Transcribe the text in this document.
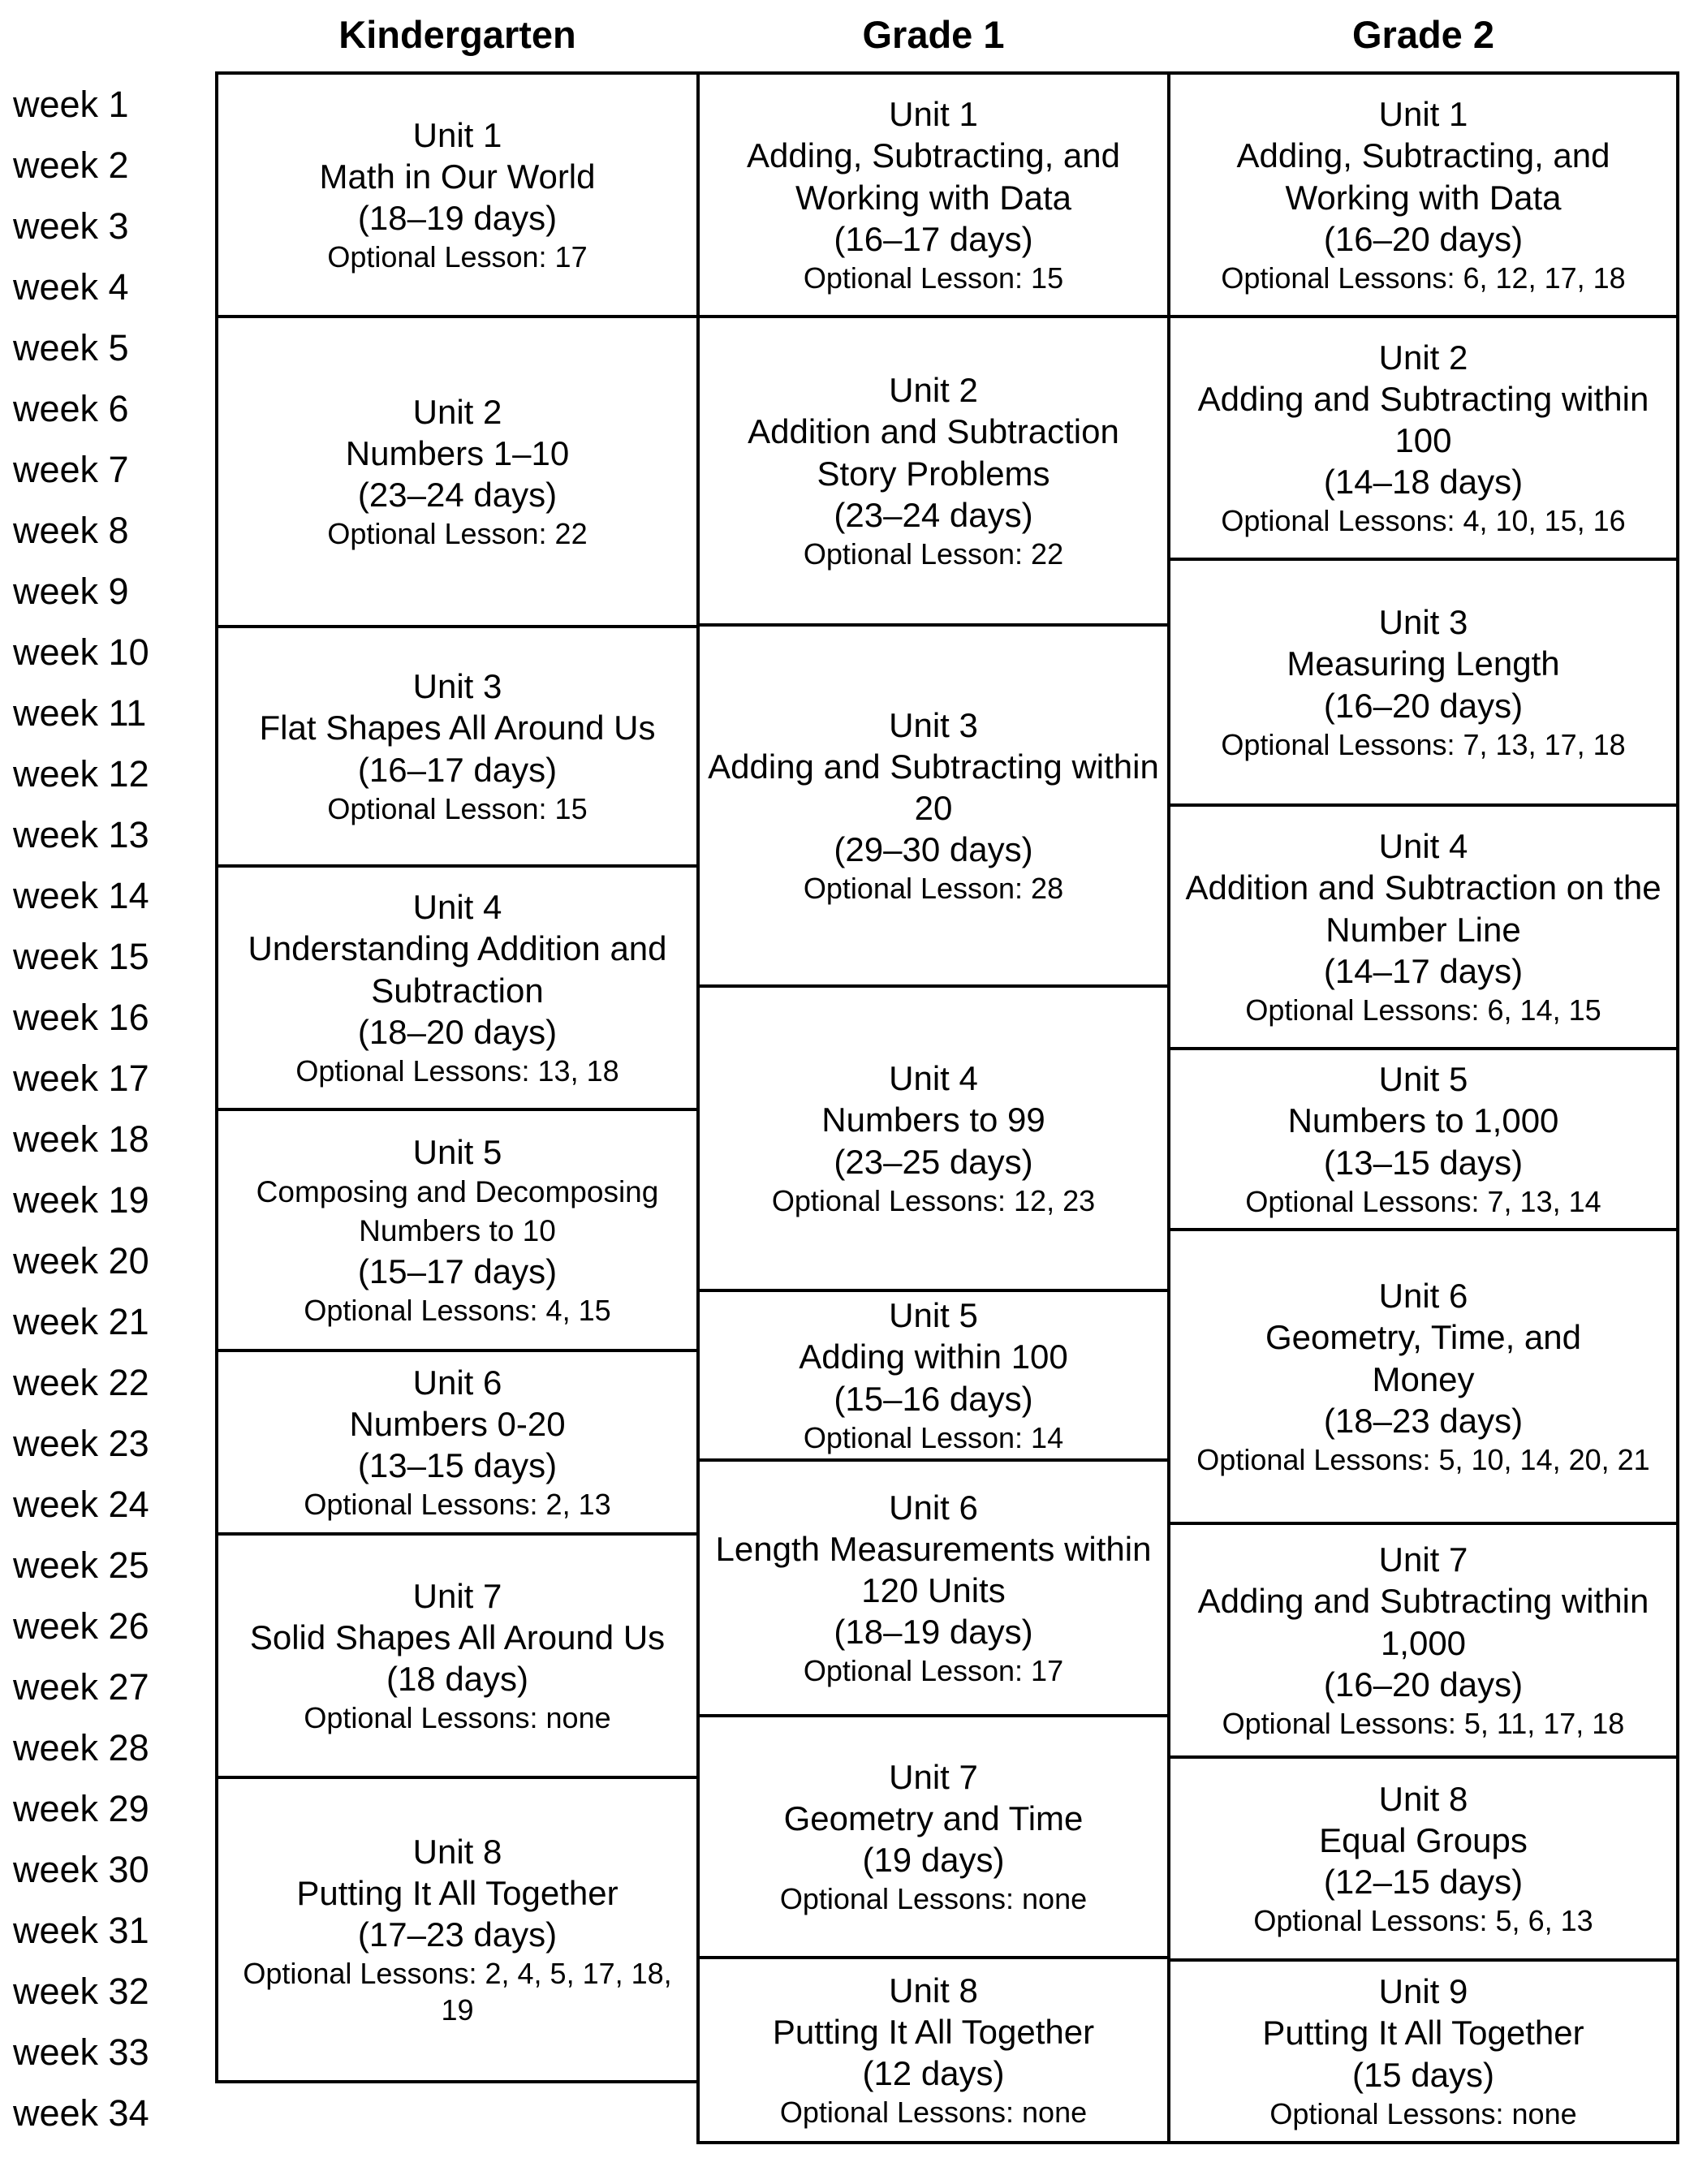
Kindergarten	Grade 1	Grade 2
week 1
week 2
week 3
week 4
week 5
week 6
week 7
week 8
week 9
week 10
week 11
week 12
week 13
week 14
week 15
week 16
week 17
week 18
week 19
week 20
week 21
week 22
week 23
week 24
week 25
week 26
week 27
week 28
week 29
week 30
week 31
week 32
week 33
week 34
Unit 1
Math in Our World
(18–19 days)
Optional Lesson: 17
Unit 2
Numbers 1–10
(23–24 days)
Optional Lesson: 22
Unit 3
Flat Shapes All Around Us
(16–17 days)
Optional Lesson: 15
Unit 4
Understanding Addition and Subtraction
(18–20 days)
Optional Lessons: 13, 18
Unit 5
Composing and Decomposing Numbers to 10
(15–17 days)
Optional Lessons: 4, 15
Unit 6
Numbers 0-20
(13–15 days)
Optional Lessons: 2, 13
Unit 7
Solid Shapes All Around Us
(18 days)
Optional Lessons: none
Unit 8
Putting It All Together
(17–23 days)
Optional Lessons: 2, 4, 5, 17, 18, 19
Unit 1
Adding, Subtracting, and Working with Data
(16–17 days)
Optional Lesson: 15
Unit 2
Addition and Subtraction Story Problems
(23–24 days)
Optional Lesson: 22
Unit 3
Adding and Subtracting within 20
(29–30 days)
Optional Lesson: 28
Unit 4
Numbers to 99
(23–25 days)
Optional Lessons: 12, 23
Unit 5
Adding within 100
(15–16 days)
Optional Lesson: 14
Unit 6
Length Measurements within 120 Units
(18–19 days)
Optional Lesson: 17
Unit 7
Geometry and Time
(19 days)
Optional Lessons: none
Unit 8
Putting It All Together
(12 days)
Optional Lessons: none
Unit 1
Adding, Subtracting, and Working with Data
(16–20 days)
Optional Lessons: 6, 12, 17, 18
Unit 2
Adding and Subtracting within 100
(14–18 days)
Optional Lessons: 4, 10, 15, 16
Unit 3
Measuring Length
(16–20 days)
Optional Lessons: 7, 13, 17, 18
Unit 4
Addition and Subtraction on the Number Line
(14–17 days)
Optional Lessons: 6, 14, 15
Unit 5
Numbers to 1,000
(13–15 days)
Optional Lessons: 7, 13, 14
Unit 6
Geometry, Time, and Money
(18–23 days)
Optional Lessons: 5, 10, 14, 20, 21
Unit 7
Adding and Subtracting within 1,000
(16–20 days)
Optional Lessons: 5, 11, 17, 18
Unit 8
Equal Groups
(12–15 days)
Optional Lessons: 5, 6, 13
Unit 9
Putting It All Together
(15 days)
Optional Lessons: none
